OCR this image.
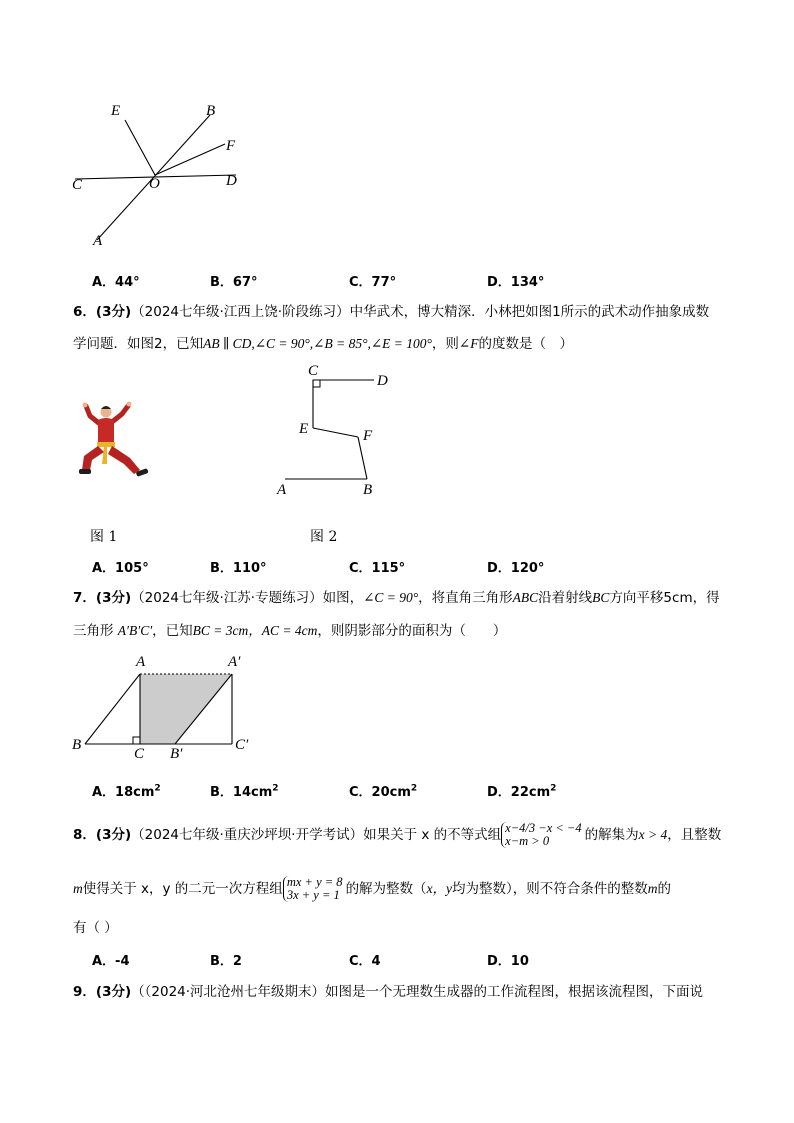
E	B
F
C	O	D
A
A．44°	B．67°	C．77°	D．134°
6．(3分)（2024七年级·江西上饶·阶段练习）中华武术，博大精深．小林把如图1所示的武术动作抽象成数
学问题．如图2，已知AB ∥ CD,∠C = 90°,∠B = 85°,∠E = 100°，则∠F的度数是（　）
C
D
E	F
A	B
图 1	图 2
A．105°	B．110°	C．115°	D．120°
7．(3分)（2024七年级·江苏·专题练习）如图，∠C = 90°，将直角三角形ABC沿着射线BC方向平移5cm，得
三角形 A′B′C′，已知BC = 3cm，AC = 4cm，则阴影部分的面积为（　　）
A	A′
B
C B′
C′
A．$18cm^2$	B．$14cm^2$	C．$20cm^2$	D．$22cm^2$
8．(3分)（2024七年级·重庆沙坪坝·开学考试）如果关于 x 的不等式组 x−4/3 −x < −4
x−m > 0	的解集为x > 4，且整数
m使得关于 x，y 的二元一次方程组 mx + y = 8
3x + y = 1 的解为整数（x，y均为整数），则不符合条件的整数m的
有（ ）
A．-4	B．2	C．4	D．10
9．(3分)（（2024·河北沧州七年级期末）如图是一个无理数生成器的工作流程图，根据该流程图，下面说
